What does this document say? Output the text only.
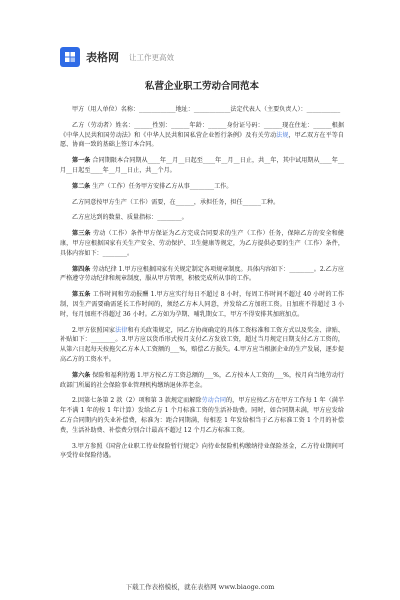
表格网 让工作更高效
私营企业职工劳动合同范本

甲方（用人单位）名称：____________地址：____________法定代表人（主要负责人）：___________

乙方（劳动者）姓名：______性别：______年龄：______身份证号码：______现在住址：______根据《中华人民共和国劳动法》和《中华人民共和国私营企业暂行条例》及有关劳动法规，甲乙双方在平等自愿、协商一致的基础上签订本合同。

第一条 合同期限本合同期从____年__月__日起至____年__月__日止，共__年，其中试用期从____年__月__日起至____年__月__日止，共__个月。

第二条 生产（工作）任务甲方安排乙方从事________工作。

乙方同意按甲方生产（工作）需要，在______，承担任务，担任______工种。

乙方应达到的数量、质量指标：________。

第三条 劳动（工作）条件甲方保证为乙方完成合同要求的生产（工作）任务，保障乙方的安全和健康，甲方应根据国家有关生产安全、劳动保护、卫生健康等规定，为乙方提供必要的生产（工作）条件，具体内容如下：________。

第四条 劳动纪律 1.甲方应根据国家有关规定制定各项规章制度。具体内容如下：________。2.乙方应严格遵守劳动纪律和规章制度，服从甲方管理，积极完成所从事的工作。

第五条 工作时间和劳动报酬 1.甲方应实行每日不超过 8 小时，每周工作时间不超过 40 小时的工作制，因生产需要确需延长工作时间的，须经乙方本人同意，并发给乙方加班工资。日加班不得超过 3 小时，每月加班不得超过 36 小时。乙方如为孕期、哺乳期女工，甲方不得安排其加班加点。

2.甲方依照国家法律和有关政策规定，同乙方协商确定的具体工资标准和工资方式以及奖金、津贴、补贴如下：________。3.甲方应以货币形式按月支付乙方发放工资，超过当月规定日期支付乙方工资的，从第六日起每天按拖欠乙方本人工资额的___%，赔偿乙方损失。4.甲方应当根据企业的生产发展，逐步提高乙方的工资水平。

第六条 保险和福利待遇 1.甲方按乙方工资总额的___%，乙方按本人工资的___%，按月向当地劳动行政部门所属的社会保险事业管理机构缴纳退休养老金。

2.因第七条第 2 款（2）项和第 3 款规定而解除劳动合同的，甲方应按乙方在甲方工作每 1 年（满半年不满 1 年的按 1 年计算）发给乙方 1 个月标准工资的生活补助费。同时，如合同期未满，甲方应发给乙方合同期内的失业补偿费，标准为：距合同期满，每相差 1 年发给相当于乙方标准工资 1 个月的补偿费，生活补助费、补偿费分别合计最高不超过 12 个月乙方标准工资。

3.甲方参照《国营企业职工待业保险暂行规定》向待业保险机构缴纳待业保险基金，乙方待业期间可享受待业保险待遇。

下载工作表格模板，就在表格网 www.biaoge.com
